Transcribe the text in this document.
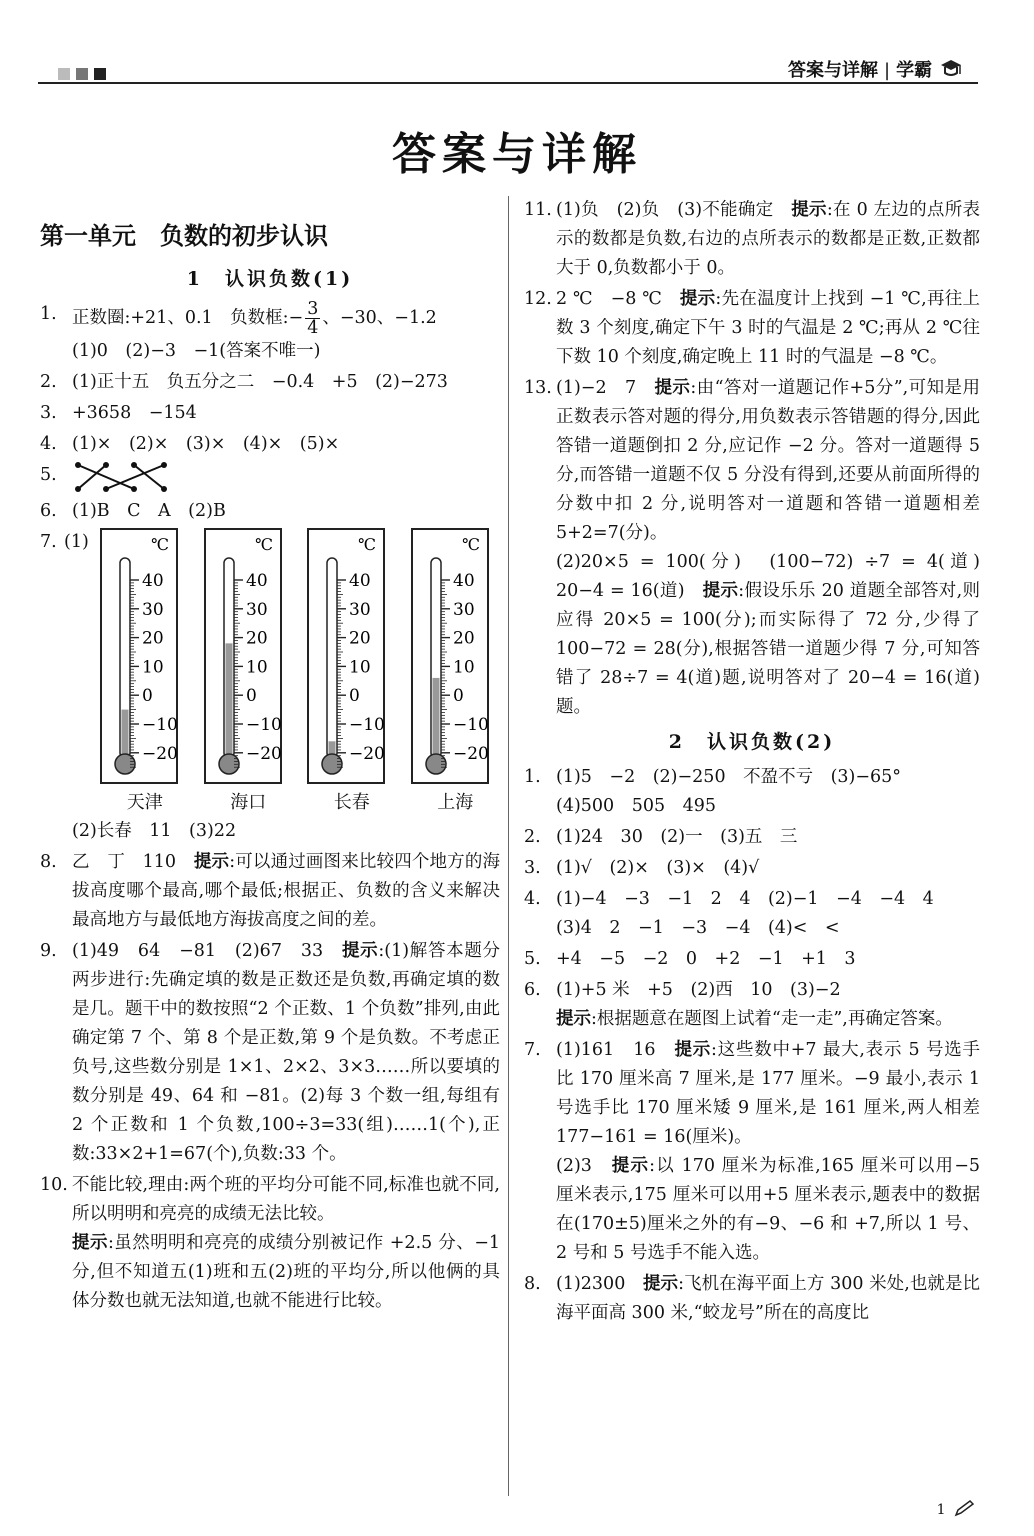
答案与详解 | 学霸
答案与详解
第一单元　负数的初步认识
1　认识负数(1)
1. 正数圈:+21、0.1　负数框:− $\frac{3}{4}$ 、−30、−1.2
(1)0　(2)−3　−1(答案不唯一)
2. (1)正十五　负五分之二　−0.4　+5　(2)−273
3. +3658　−154
4. (1)×　(2)×　(3)×　(4)×　(5)×
5.
6. (1)B　C　A　(2)B
7. (1)	℃
40
30
20
10
0
−10
−20
天津
℃
40
30
20
10
0
−10
−20
海口
℃
40
30
20
10
0
−10
−20
长春
℃
40
30
20
10
0
−10
−20
上海
(2)长春　11　(3)22
8. 乙　丁　110　提示:可以通过画图来比较四个地方的海拔高度哪个最高,哪个最低;根据正、负数的含义来解决最高地方与最低地方海拔高度之间的差。
9. (1)49　64　−81　(2)67　33　提示:(1)解答本题分两步进行:先确定填的数是正数还是负数,再确定填的数是几。题干中的数按照“2 个正数、1 个负数”排列,由此确定第 7 个、第 8 个是正数,第 9 个是负数。不考虑正负号,这些数分别是 1×1、2×2、3×3……所以要填的数分别是 49、64 和 −81。(2)每 3 个数一组,每组有 2 个正数和 1 个负数,100÷3=33(组)……1(个),正数:33×2+1=67(个),负数:33 个。
10. 不能比较,理由:两个班的平均分可能不同,标准也就不同,所以明明和亮亮的成绩无法比较。
提示:虽然明明和亮亮的成绩分别被记作 +2.5 分、−1 分,但不知道五(1)班和五(2)班的平均分,所以他俩的具体分数也就无法知道,也就不能进行比较。
11. (1)负　(2)负　(3)不能确定　提示:在 0 左边的点所表示的数都是负数,右边的点所表示的数都是正数,正数都大于 0,负数都小于 0。
12. 2 ℃　−8 ℃　提示:先在温度计上找到 −1 ℃,再往上数 3 个刻度,确定下午 3 时的气温是 2 ℃;再从 2 ℃往下数 10 个刻度,确定晚上 11 时的气温是 −8 ℃。
13. (1)−2　7　提示:由“答对一道题记作+5分”,可知是用正数表示答对题的得分,用负数表示答错题的得分,因此答错一道题倒扣 2 分,应记作 −2 分。答对一道题得 5 分,而答错一道题不仅 5 分没有得到,还要从前面所得的分数中扣 2 分,说明答对一道题和答错一道题相差 5+2=7(分)。
(2)20×5 = 100(分)　(100−72) ÷7 = 4(道)　20−4 = 16(道)　提示:假设乐乐 20 道题全部答对,则应得 20×5 = 100(分);而实际得了 72 分,少得了 100−72 = 28(分),根据答错一道题少得 7 分,可知答错了 28÷7 = 4(道)题,说明答对了 20−4 = 16(道)题。
2　认识负数(2)
1. (1)5　−2　(2)−250　不盈不亏　(3)−65°
(4)500　505　495
2. (1)24　30　(2)一　(3)五　三
3. (1)√　(2)×　(3)×　(4)√
4. (1)−4　−3　−1　2　4　(2)−1　−4　−4　4
(3)4　2　−1　−3　−4　(4)<　<
5. +4　−5　−2　0　+2　−1　+1　3
6. (1)+5 米　+5　(2)西　10　(3)−2
提示:根据题意在题图上试着“走一走”,再确定答案。
7. (1)161　16　提示:这些数中+7 最大,表示 5 号选手比 170 厘米高 7 厘米,是 177 厘米。−9 最小,表示 1 号选手比 170 厘米矮 9 厘米,是 161 厘米,两人相差 177−161 = 16(厘米)。
(2)3　提示:以 170 厘米为标准,165 厘米可以用−5 厘米表示,175 厘米可以用+5 厘米表示,题表中的数据在(170±5)厘米之外的有−9、−6 和 +7,所以 1 号、2 号和 5 号选手不能入选。
8. (1)2300　提示:飞机在海平面上方 300 米处,也就是比海平面高 300 米,“蛟龙号”所在的高度比
1
